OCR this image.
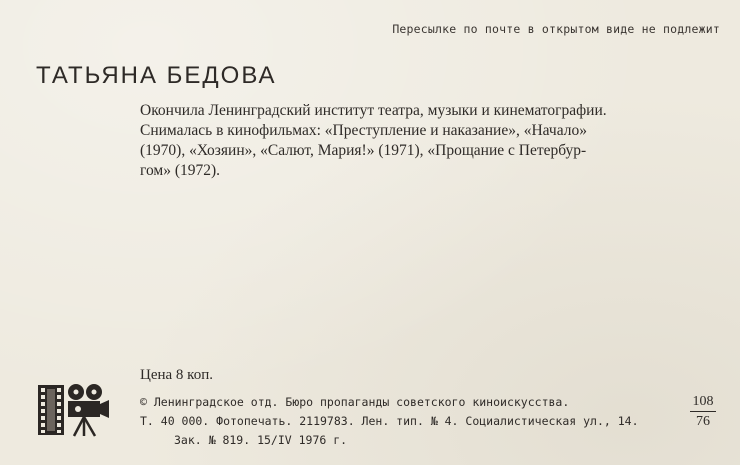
Пересылке по почте в открытом виде не подлежит
ТАТЬЯНА БЕДОВА
Окончила Ленинградский институт театра, музыки и кинематографии.
Снималась в кинофильмах: «Преступление и наказание», «Начало»
(1970), «Хозяин», «Салют, Мария!» (1971), «Прощание с Петербур-
гом» (1972).
Цена 8 коп.
© Ленинградское отд. Бюро пропаганды советского киноискусства.
Т. 40 000. Фотопечать. 2119783. Лен. тип. № 4. Социалистическая ул., 14.
Зак. № 819. 15/IV 1976 г.
$\frac{108}{76}$
